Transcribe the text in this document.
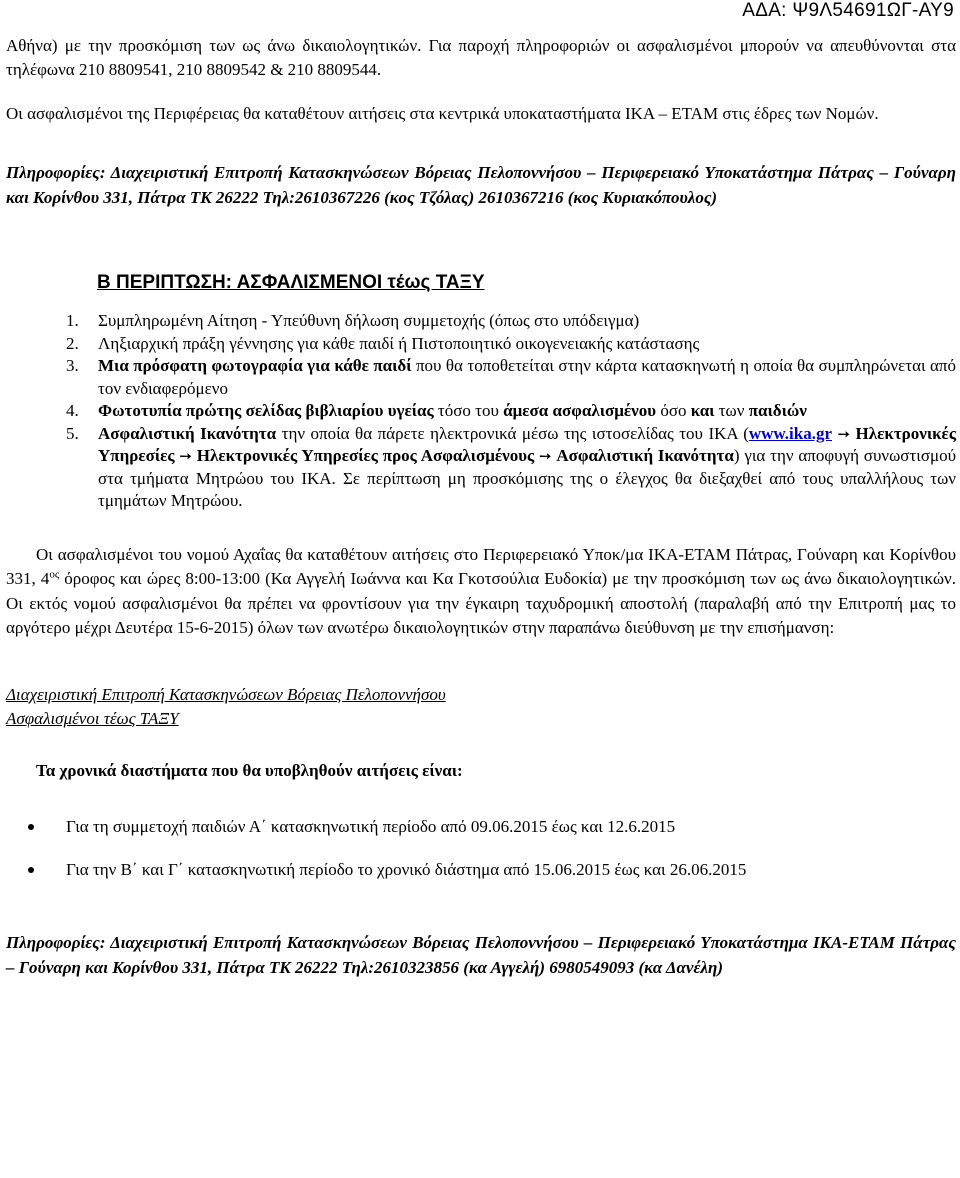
ΑΔΑ: Ψ9Λ54691ΩΓ-ΑΥ9

Αθήνα) με την προσκόμιση των ως άνω δικαιολογητικών. Για παροχή πληροφοριών οι ασφαλισμένοι μπορούν να απευθύνονται στα τηλέφωνα 210 8809541, 210 8809542 & 210 8809544.

Οι ασφαλισμένοι της Περιφέρειας θα καταθέτουν αιτήσεις στα κεντρικά υποκαταστήματα ΙΚΑ – ΕΤΑΜ στις έδρες των Νομών.

Πληροφορίες: Διαχειριστική Επιτροπή Κατασκηνώσεων Βόρειας Πελοποννήσου – Περιφερειακό Υποκατάστημα Πάτρας – Γούναρη και Κορίνθου 331, Πάτρα ΤΚ 26222 Τηλ:2610367226 (κος Τζόλας) 2610367216 (κος Κυριακόπουλος)

Β ΠΕΡΙΠΤΩΣΗ: ΑΣΦΑΛΙΣΜΕΝΟΙ τέως ΤΑΞΥ
1. Συμπληρωμένη Αίτηση - Υπεύθυνη δήλωση συμμετοχής (όπως στο υπόδειγμα)
2. Ληξιαρχική πράξη γέννησης για κάθε παιδί ή Πιστοποιητικό οικογενειακής κατάστασης
3. Μια πρόσφατη φωτογραφία για κάθε παιδί που θα τοποθετείται στην κάρτα κατασκηνωτή η οποία θα συμπληρώνεται από τον ενδιαφερόμενο
4. Φωτοτυπία πρώτης σελίδας βιβλιαρίου υγείας τόσο του άμεσα ασφαλισμένου όσο και των παιδιών
5. Ασφαλιστική Ικανότητα την οποία θα πάρετε ηλεκτρονικά μέσω της ιστοσελίδας του ΙΚΑ (www.ika.gr ➙ Ηλεκτρονικές Υπηρεσίες ➙ Ηλεκτρονικές Υπηρεσίες προς Ασφαλισμένους ➙ Ασφαλιστική Ικανότητα) για την αποφυγή συνωστισμού στα τμήματα Μητρώου του ΙΚΑ. Σε περίπτωση μη προσκόμισης της ο έλεγχος θα διεξαχθεί από τους υπαλλήλους των τμημάτων Μητρώου.

Οι ασφαλισμένοι του νομού Αχαΐας θα καταθέτουν αιτήσεις στο Περιφερειακό Υποκ/μα ΙΚΑ-ΕΤΑΜ Πάτρας, Γούναρη και Κορίνθου 331, $4^{o\varsigma}$ όροφος και ώρες 8:00-13:00 (Κα Αγγελή Ιωάννα και Κα Γκοτσούλια Ευδοκία) με την προσκόμιση των ως άνω δικαιολογητικών. Οι εκτός νομού ασφαλισμένοι θα πρέπει να φροντίσουν για την έγκαιρη ταχυδρομική αποστολή (παραλαβή από την Επιτροπή μας το αργότερο μέχρι Δευτέρα 15-6-2015) όλων των ανωτέρω δικαιολογητικών στην παραπάνω διεύθυνση με την επισήμανση:

Διαχειριστική Επιτροπή Κατασκηνώσεων Βόρειας Πελοποννήσου

Ασφαλισμένοι τέως ΤΑΞΥ

Τα χρονικά διαστήματα που θα υποβληθούν αιτήσεις είναι:

Για τη συμμετοχή παιδιών Α΄ κατασκηνωτική περίοδο από 09.06.2015 έως και 12.6.2015
Για την Β΄ και Γ΄ κατασκηνωτική περίοδο το χρονικό διάστημα από 15.06.2015 έως και 26.06.2015

Πληροφορίες: Διαχειριστική Επιτροπή Κατασκηνώσεων Βόρειας Πελοποννήσου – Περιφερειακό Υποκατάστημα ΙΚΑ-ΕΤΑΜ Πάτρας – Γούναρη και Κορίνθου 331, Πάτρα ΤΚ 26222 Τηλ:2610323856 (κα Αγγελή) 6980549093 (κα Δανέλη)
